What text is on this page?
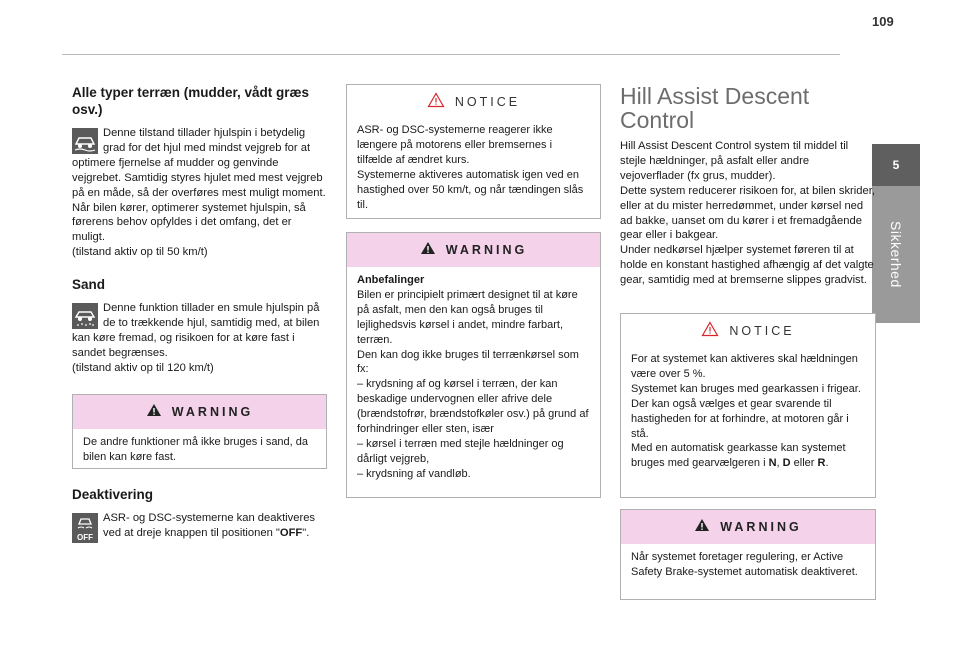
109
5
Sikkerhed
Alle typer terræn (mudder, vådt græs osv.)

Denne tilstand tillader hjulspin i betydelig grad for det hjul med mindst vejgreb for at optimere fjernelse af mudder og genvinde vejgrebet. Samtidig styres hjulet med mest vejgreb på en måde, så der overføres mest muligt moment.

Når bilen kører, optimerer systemet hjulspin, så førerens behov opfyldes i det omfang, det er muligt.

(tilstand aktiv op til 50 km/t)

Sand

Denne funktion tillader en smule hjulspin på de to trækkende hjul, samtidig med, at bilen kan køre fremad, og risikoen for at køre fast i sandet begrænses.

(tilstand aktiv op til 120 km/t)

WARNING

De andre funktioner må ikke bruges i sand, da bilen kan køre fast.

Deaktivering
OFF

ASR- og DSC-systemerne kan deaktiveres ved at dreje knappen til positionen "OFF".

NOTICE

ASR- og DSC-systemerne reagerer ikke længere på motorens eller bremsernes i tilfælde af ændret kurs.

Systemerne aktiveres automatisk igen ved en hastighed over 50 km/t, og når tændingen slås til.

WARNING

Anbefalinger

Bilen er principielt primært designet til at køre på asfalt, men den kan også bruges til lejlighedsvis kørsel i andet, mindre farbart, terræn.

Den kan dog ikke bruges til terrænkørsel som fx:

– krydsning af og kørsel i terræn, der kan beskadige undervognen eller afrive dele (brændstofrør, brændstofkøler osv.) på grund af forhindringer eller sten, især

– kørsel i terræn med stejle hældninger og dårligt vejgreb,

– krydsning af vandløb.

Hill Assist Descent
Control

Hill Assist Descent Control system til middel til stejle hældninger, på asfalt eller andre vejoverflader (fx grus, mudder).

Dette system reducerer risikoen for, at bilen skrider, eller at du mister herredømmet, under kørsel ned ad bakke, uanset om du kører i et fremadgående gear eller i bakgear.

Under nedkørsel hjælper systemet føreren til at holde en konstant hastighed afhængig af det valgte gear, samtidig med at bremserne slippes gradvist.

NOTICE

For at systemet kan aktiveres skal hældningen være over 5 %.

Systemet kan bruges med gearkassen i frigear.

Der kan også vælges et gear svarende til hastigheden for at forhindre, at motoren går i stå.

Med en automatisk gearkasse kan systemet bruges med gearvælgeren i N, D eller R.

WARNING

Når systemet foretager regulering, er Active Safety Brake-systemet automatisk deaktiveret.
